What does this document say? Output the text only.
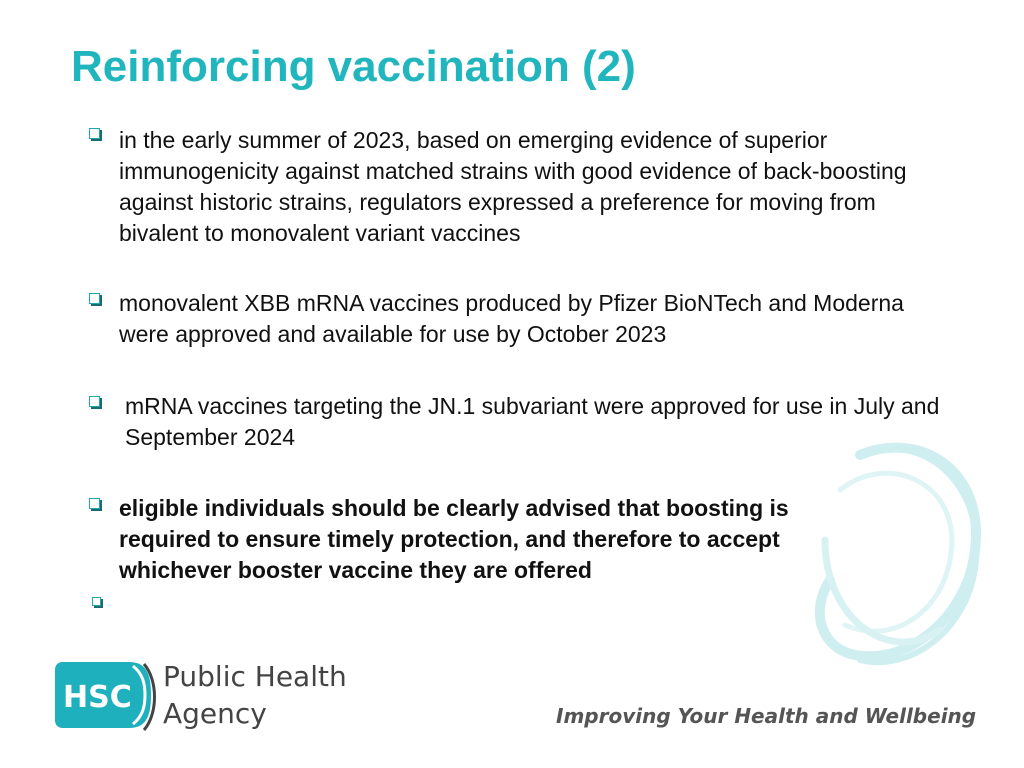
Reinforcing vaccination (2)
in the early summer of 2023, based on emerging evidence of superior immunogenicity against matched strains with good evidence of back-boosting against historic strains, regulators expressed a preference for moving from bivalent to monovalent variant vaccines
monovalent XBB mRNA vaccines produced by Pfizer BioNTech and Moderna were approved and available for use by October 2023
mRNA vaccines targeting the JN.1 subvariant were approved for use in July and September 2024
eligible individuals should be clearly advised that boosting is required to ensure timely protection, and therefore to accept whichever booster vaccine they are offered
HSC
Public Health
Agency	Improving Your Health and Wellbeing
